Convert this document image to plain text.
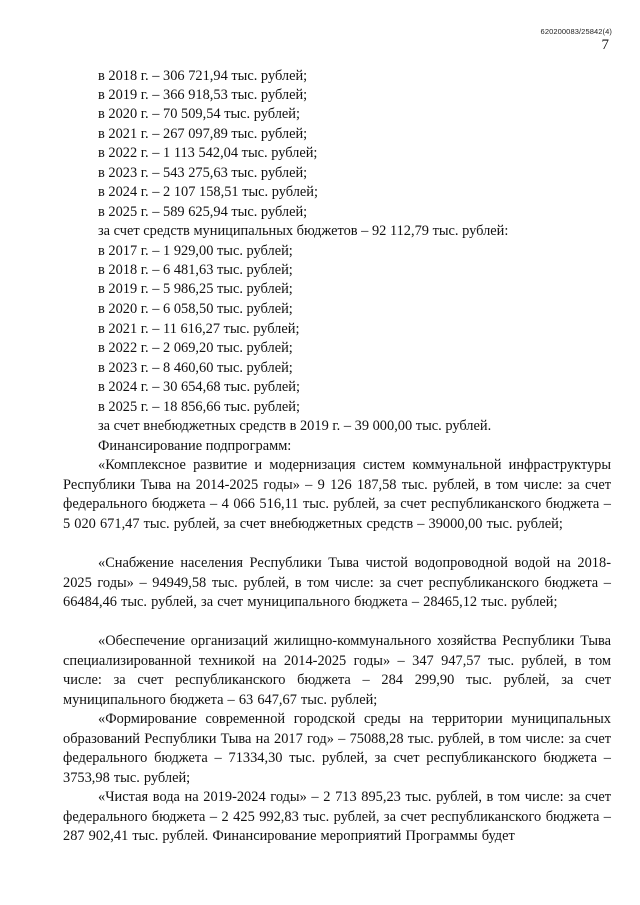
620200083/25842(4)
7
в 2018 г. – 306 721,94 тыс. рублей;
в 2019 г. – 366 918,53 тыс. рублей;
в 2020 г. – 70 509,54 тыс. рублей;
в 2021 г. – 267 097,89 тыс. рублей;
в 2022 г. – 1 113 542,04 тыс. рублей;
в 2023 г. – 543 275,63 тыс. рублей;
в 2024 г. – 2 107 158,51 тыс. рублей;
в 2025 г. – 589 625,94 тыс. рублей;
за счет средств муниципальных бюджетов – 92 112,79 тыс. рублей:
в 2017 г. – 1 929,00 тыс. рублей;
в 2018 г. – 6 481,63 тыс. рублей;
в 2019 г. – 5 986,25 тыс. рублей;
в 2020 г. – 6 058,50 тыс. рублей;
в 2021 г. – 11 616,27 тыс. рублей;
в 2022 г. – 2 069,20 тыс. рублей;
в 2023 г. – 8 460,60 тыс. рублей;
в 2024 г. – 30 654,68 тыс. рублей;
в 2025 г. – 18 856,66 тыс. рублей;
за счет внебюджетных средств в 2019 г. – 39 000,00 тыс. рублей.
Финансирование подпрограмм:
«Комплексное развитие и модернизация систем коммунальной инфраструктуры Республики Тыва на 2014-2025 годы» – 9 126 187,58 тыс. рублей, в том числе: за счет федерального бюджета – 4 066 516,11 тыс. рублей, за счет республиканского бюджета – 5 020 671,47 тыс. рублей, за счет внебюджетных средств – 39000,00 тыс. рублей;
«Снабжение населения Республики Тыва чистой водопроводной водой на 2018-2025 годы» – 94949,58 тыс. рублей, в том числе: за счет республиканского бюджета – 66484,46 тыс. рублей, за счет муниципального бюджета – 28465,12 тыс. рублей;
«Обеспечение организаций жилищно-коммунального хозяйства Республики Тыва специализированной техникой на 2014-2025 годы» – 347 947,57 тыс. рублей, в том числе: за счет республиканского бюджета – 284 299,90 тыс. рублей, за счет муниципального бюджета – 63 647,67 тыс. рублей;
«Формирование современной городской среды на территории муниципальных образований Республики Тыва на 2017 год» – 75088,28 тыс. рублей, в том числе: за счет федерального бюджета – 71334,30 тыс. рублей, за счет республиканского бюджета – 3753,98 тыс. рублей;
«Чистая вода на 2019-2024 годы» – 2 713 895,23 тыс. рублей, в том числе: за счет федерального бюджета – 2 425 992,83 тыс. рублей, за счет республиканского бюджета – 287 902,41 тыс. рублей. Финансирование мероприятий Программы будет
